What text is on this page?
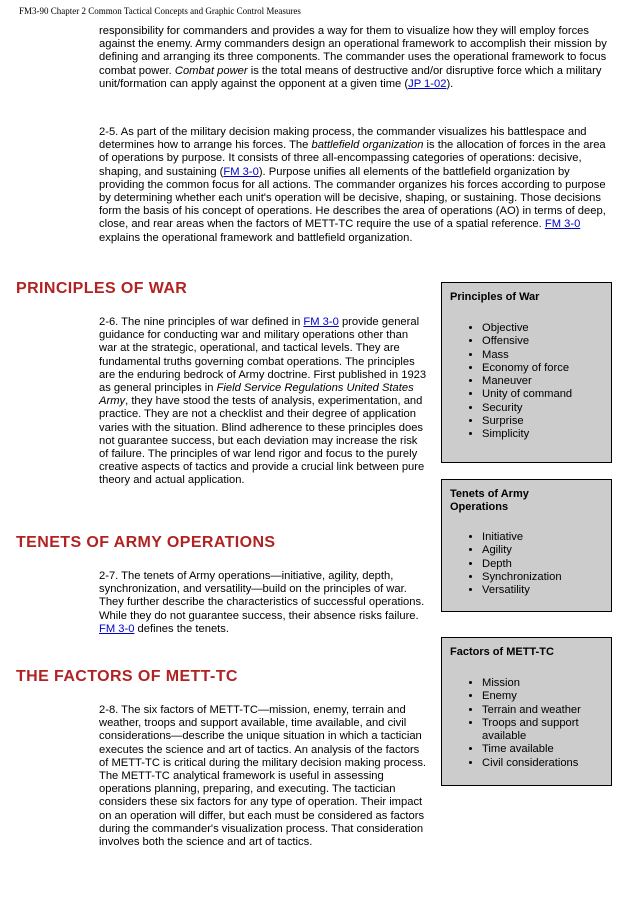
FM3-90 Chapter 2 Common Tactical Concepts and Graphic Control Measures

responsibility for commanders and provides a way for them to visualize how they will employ forces against the enemy. Army commanders design an operational framework to accomplish their mission by defining and arranging its three components. The commander uses the operational framework to focus combat power. Combat power is the total means of destructive and/or disruptive force which a military unit/formation can apply against the opponent at a given time (JP 1-02).

2-5. As part of the military decision making process, the commander visualizes his battlespace and determines how to arrange his forces. The battlefield organization is the allocation of forces in the area of operations by purpose. It consists of three all-encompassing categories of operations: decisive, shaping, and sustaining (FM 3-0). Purpose unifies all elements of the battlefield organization by providing the common focus for all actions. The commander organizes his forces according to purpose by determining whether each unit's operation will be decisive, shaping, or sustaining. Those decisions form the basis of his concept of operations. He describes the area of operations (AO) in terms of deep, close, and rear areas when the factors of METT-TC require the use of a spatial reference. FM 3-0 explains the operational framework and battlefield organization.

PRINCIPLES OF WAR

2-6. The nine principles of war defined in FM 3-0 provide general guidance for conducting war and military operations other than war at the strategic, operational, and tactical levels. They are fundamental truths governing combat operations. The principles are the enduring bedrock of Army doctrine. First published in 1923 as general principles in Field Service Regulations United States Army, they have stood the tests of analysis, experimentation, and practice. They are not a checklist and their degree of application varies with the situation. Blind adherence to these principles does not guarantee success, but each deviation may increase the risk of failure. The principles of war lend rigor and focus to the purely creative aspects of tactics and provide a crucial link between pure theory and actual application.

Principles of War

• Objective
• Offensive
• Mass
• Economy of force
• Maneuver
• Unity of command
• Security
• Surprise
• Simplicity
TENETS OF ARMY OPERATIONS

2-7. The tenets of Army operations—initiative, agility, depth, synchronization, and versatility—build on the principles of war. They further describe the characteristics of successful operations. While they do not guarantee success, their absence risks failure. FM 3-0 defines the tenets.

Tenets of Army Operations

• Initiative
• Agility
• Depth
• Synchronization
• Versatility
THE FACTORS OF METT-TC

2-8. The six factors of METT-TC—mission, enemy, terrain and weather, troops and support available, time available, and civil considerations—describe the unique situation in which a tactician executes the science and art of tactics. An analysis of the factors of METT-TC is critical during the military decision making process. The METT-TC analytical framework is useful in assessing operations planning, preparing, and executing. The tactician considers these six factors for any type of operation. Their impact on an operation will differ, but each must be considered as factors during the commander's visualization process. That consideration involves both the science and art of tactics.

Factors of METT-TC

• Mission
• Enemy
• Terrain and weather
• Troops and support available
• Time available
• Civil considerations
